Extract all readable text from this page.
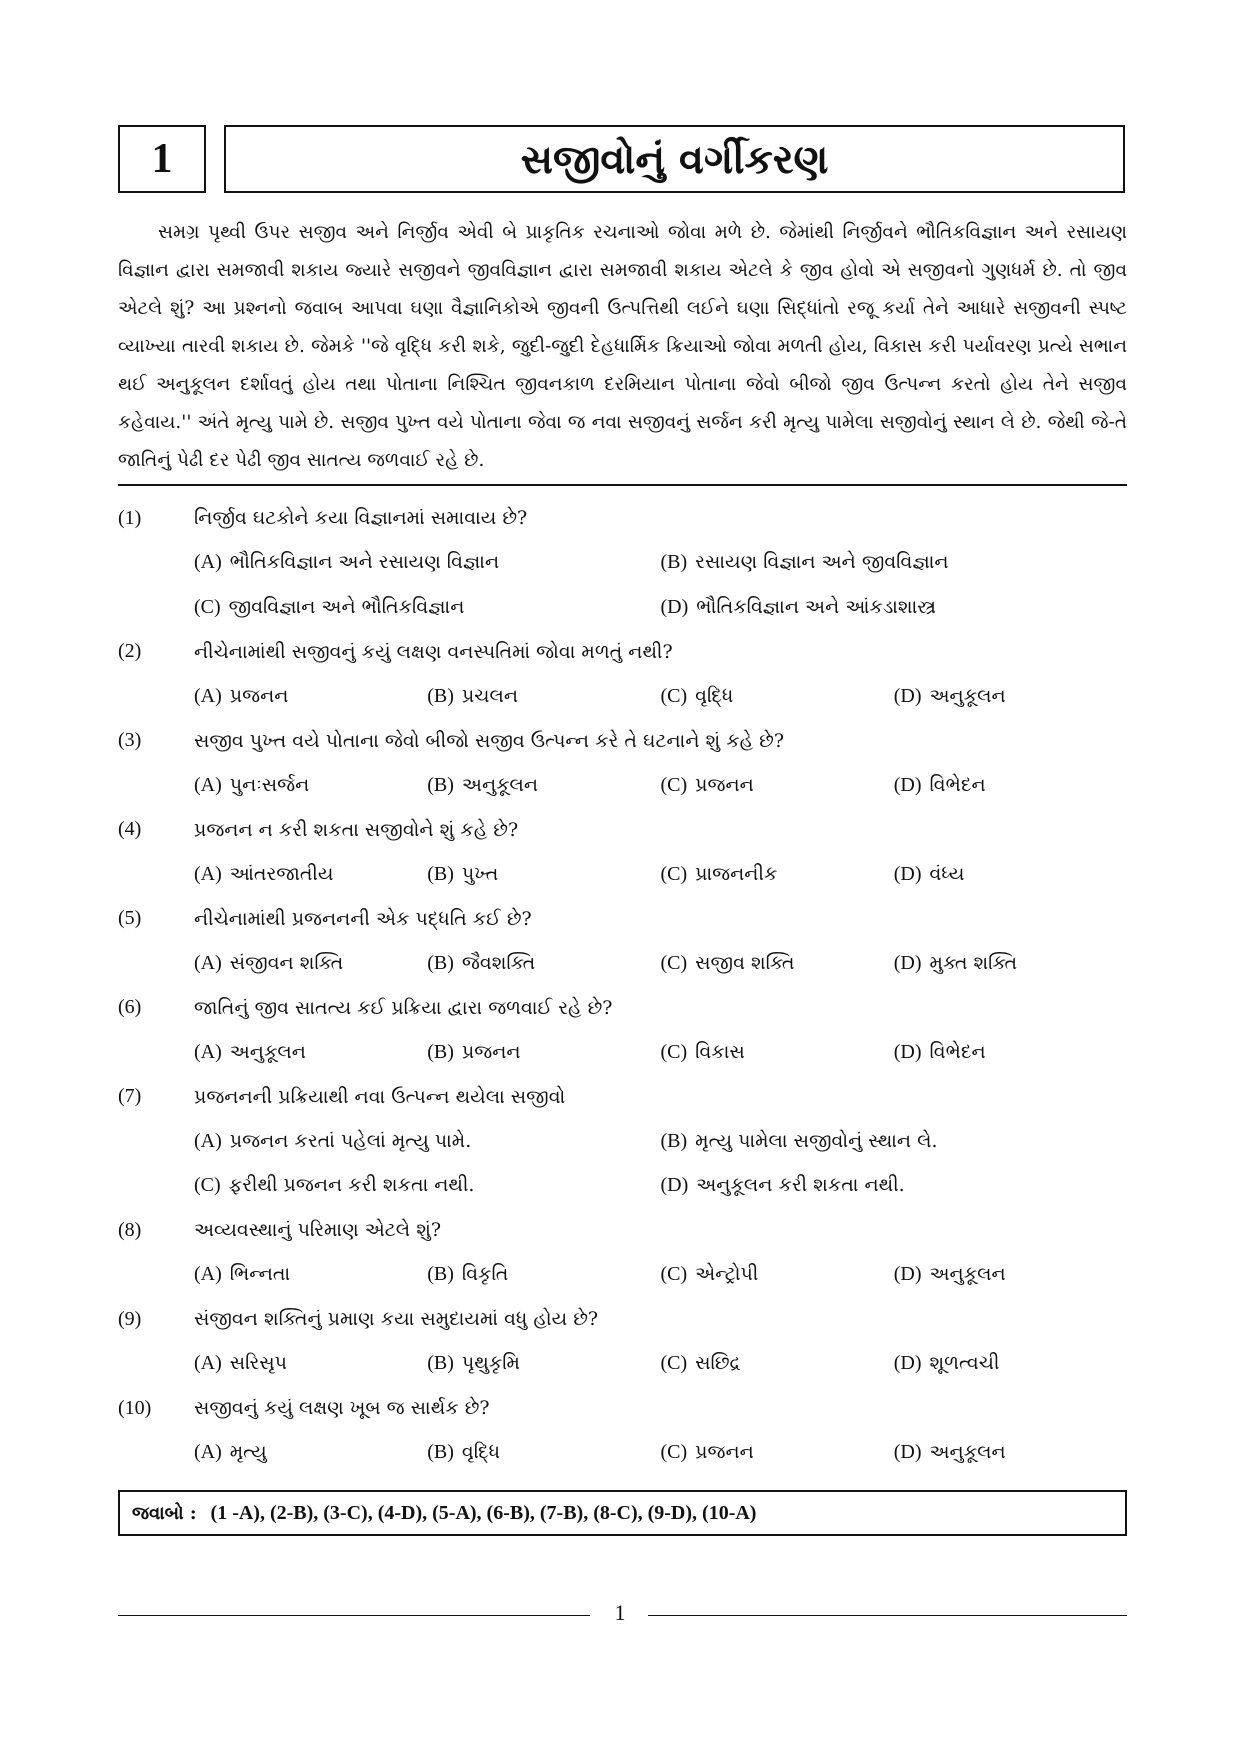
1	સજીવોનું વર્ગીકરણ

સમગ્ર પૃથ્વી ઉપર સજીવ અને નિર્જીવ એવી બે પ્રાકૃતિક રચનાઓ જોવા મળે છે. જેમાંથી નિર્જીવને ભૌતિકવિજ્ઞાન અને રસાયણ વિજ્ઞાન દ્વારા સમજાવી શકાય જ્યારે સજીવને જીવવિજ્ઞાન દ્વારા સમજાવી શકાય એટલે કે જીવ હોવો એ સજીવનો ગુણધર્મ છે. તો જીવ એટલે શું? આ પ્રશ્નનો જવાબ આપવા ઘણા વૈજ્ઞાનિકોએ જીવની ઉત્પત્તિથી લઈને ઘણા સિદ્ધાંતો રજૂ કર્યા તેને આધારે સજીવની સ્પષ્ટ વ્યાખ્યા તારવી શકાય છે. જેમકે ''જે વૃદ્ધિ કરી શકે, જુદી-જુદી દેહધાર્મિક ક્રિયાઓ જોવા મળતી હોય, વિકાસ કરી પર્યાવરણ પ્રત્યે સભાન થઈ અનુકૂલન દર્શાવતું હોય તથા પોતાના નિશ્ચિત જીવનકાળ દરમિયાન પોતાના જેવો બીજો જીવ ઉત્પન્ન કરતો હોય તેને સજીવ કહેવાય.'' અંતે મૃત્યુ પામે છે. સજીવ પુખ્ત વયે પોતાના જેવા જ નવા સજીવનું સર્જન કરી મૃત્યુ પામેલા સજીવોનું સ્થાન લે છે. જેથી જે-તે જાતિનું પેઢી દર પેઢી જીવ સાતત્ય જળવાઈ રહે છે.

(1)	નિર્જીવ ઘટકોને કયા વિજ્ઞાનમાં સમાવાય છે?
(A) ભૌતિકવિજ્ઞાન અને રસાયણ વિજ્ઞાન	(B) રસાયણ વિજ્ઞાન અને જીવવિજ્ઞાન
(C) જીવવિજ્ઞાન અને ભૌતિકવિજ્ઞાન	(D) ભૌતિકવિજ્ઞાન અને આંકડાશાસ્ત્ર
(2)	નીચેનામાંથી સજીવનું કયું લક્ષણ વનસ્પતિમાં જોવા મળતું નથી?
(A) પ્રજનન	(B) પ્રચલન	(C) વૃદ્ધિ	(D) અનુકૂલન
(3)	સજીવ પુખ્ત વયે પોતાના જેવો બીજો સજીવ ઉત્પન્ન કરે તે ઘટનાને શું કહે છે?
(A) પુનઃસર્જન	(B) અનુકૂલન	(C) પ્રજનન	(D) વિભેદન
(4)	પ્રજનન ન કરી શકતા સજીવોને શું કહે છે?
(A) આંતરજાતીય	(B) પુખ્ત	(C) પ્રાજનનીક	(D) વંધ્ય
(5)	નીચેનામાંથી પ્રજનનની એક પદ્ધતિ કઈ છે?
(A) સંજીવન શક્તિ	(B) જૈવશક્તિ	(C) સજીવ શક્તિ	(D) મુક્ત શક્તિ
(6)	જાતિનું જીવ સાતત્ય કઈ પ્રક્રિયા દ્વારા જળવાઈ રહે છે?
(A) અનુકૂલન	(B) પ્રજનન	(C) વિકાસ	(D) વિભેદન
(7)	પ્રજનનની પ્રક્રિયાથી નવા ઉત્પન્ન થયેલા સજીવો
(A) પ્રજનન કરતાં પહેલાં મૃત્યુ પામે.	(B) મૃત્યુ પામેલા સજીવોનું સ્થાન લે.
(C) ફરીથી પ્રજનન કરી શકતા નથી.	(D) અનુકૂલન કરી શકતા નથી.
(8)	અવ્યવસ્થાનું પરિમાણ એટલે શું?
(A) ભિન્નતા	(B) વિકૃતિ	(C) એન્ટ્રોપી	(D) અનુકૂલન
(9)	સંજીવન શક્તિનું પ્રમાણ કયા સમુદાયમાં વધુ હોય છે?
(A) સરિસૃપ	(B) પૃથુકૃમિ	(C) સછિદ્ર	(D) શૂળત્વચી
(10)	સજીવનું કયું લક્ષણ ખૂબ જ સાર્થક છે?
(A) મૃત્યુ	(B) વૃદ્ધિ	(C) પ્રજનન	(D) અનુકૂલન
જવાબો : (1 -A), (2-B), (3-C), (4-D), (5-A), (6-B), (7-B), (8-C), (9-D), (10-A)
1
